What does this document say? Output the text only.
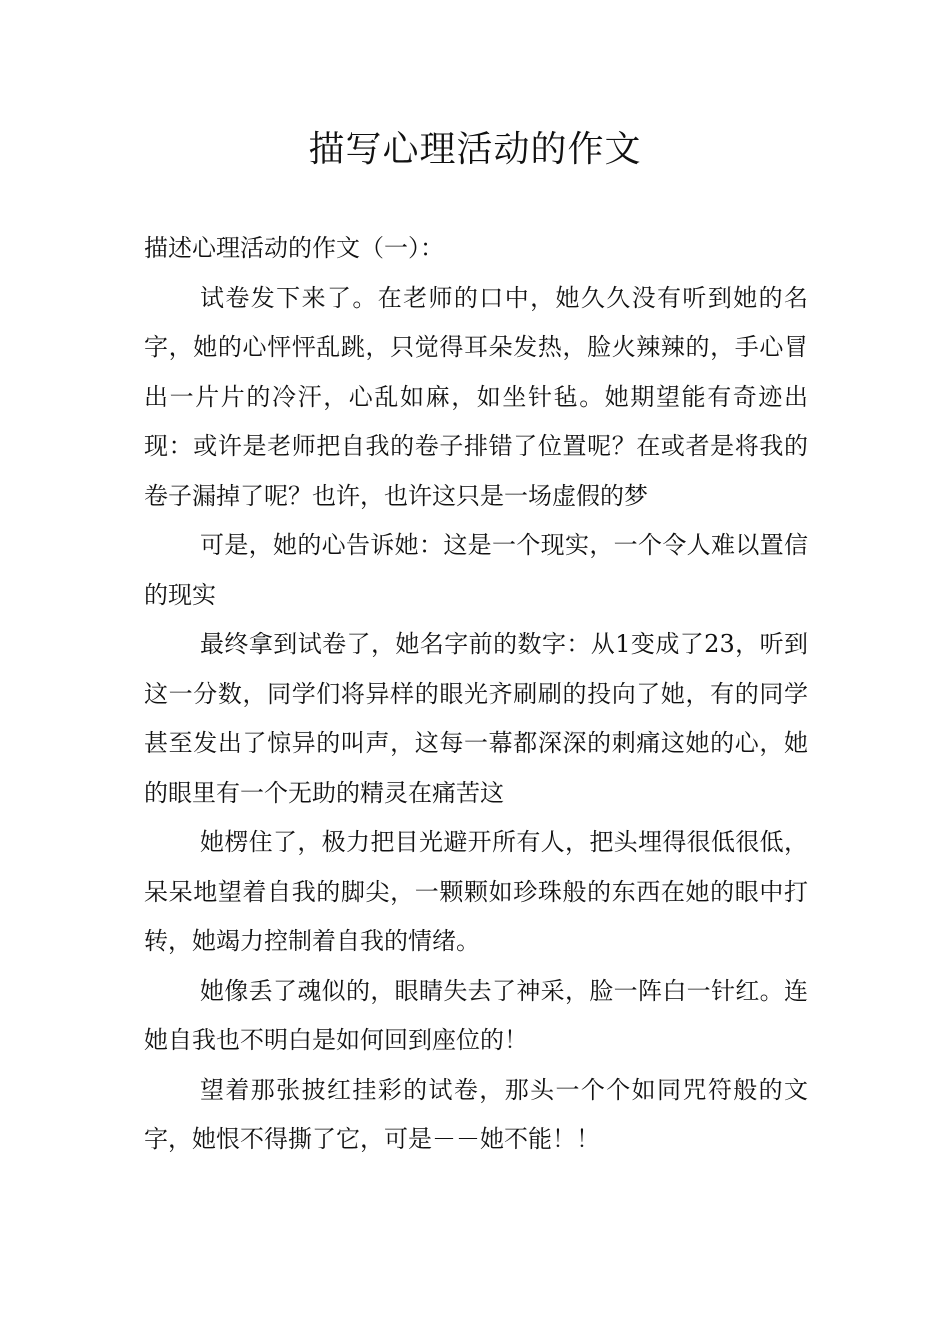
描写心理活动的作文

描述心理活动的作文（一）：

试卷发下来了。在老师的口中，她久久没有听到她的名字，她的心怦怦乱跳，只觉得耳朵发热，脸火辣辣的，手心冒出一片片的冷汗，心乱如麻，如坐针毡。她期望能有奇迹出现：或许是老师把自我的卷子排错了位置呢？在或者是将我的卷子漏掉了呢？也许，也许这只是一场虚假的梦

可是，她的心告诉她：这是一个现实，一个令人难以置信的现实

最终拿到试卷了，她名字前的数字：从1变成了23，听到这一分数，同学们将异样的眼光齐刷刷的投向了她，有的同学甚至发出了惊异的叫声，这每一幕都深深的刺痛这她的心，她的眼里有一个无助的精灵在痛苦这

她楞住了，极力把目光避开所有人，把头埋得很低很低，呆呆地望着自我的脚尖，一颗颗如珍珠般的东西在她的眼中打转，她竭力控制着自我的情绪。

她像丢了魂似的，眼睛失去了神采，脸一阵白一针红。连她自我也不明白是如何回到座位的！

望着那张披红挂彩的试卷，那头一个个如同咒符般的文字，她恨不得撕了它，可是－－她不能！！
